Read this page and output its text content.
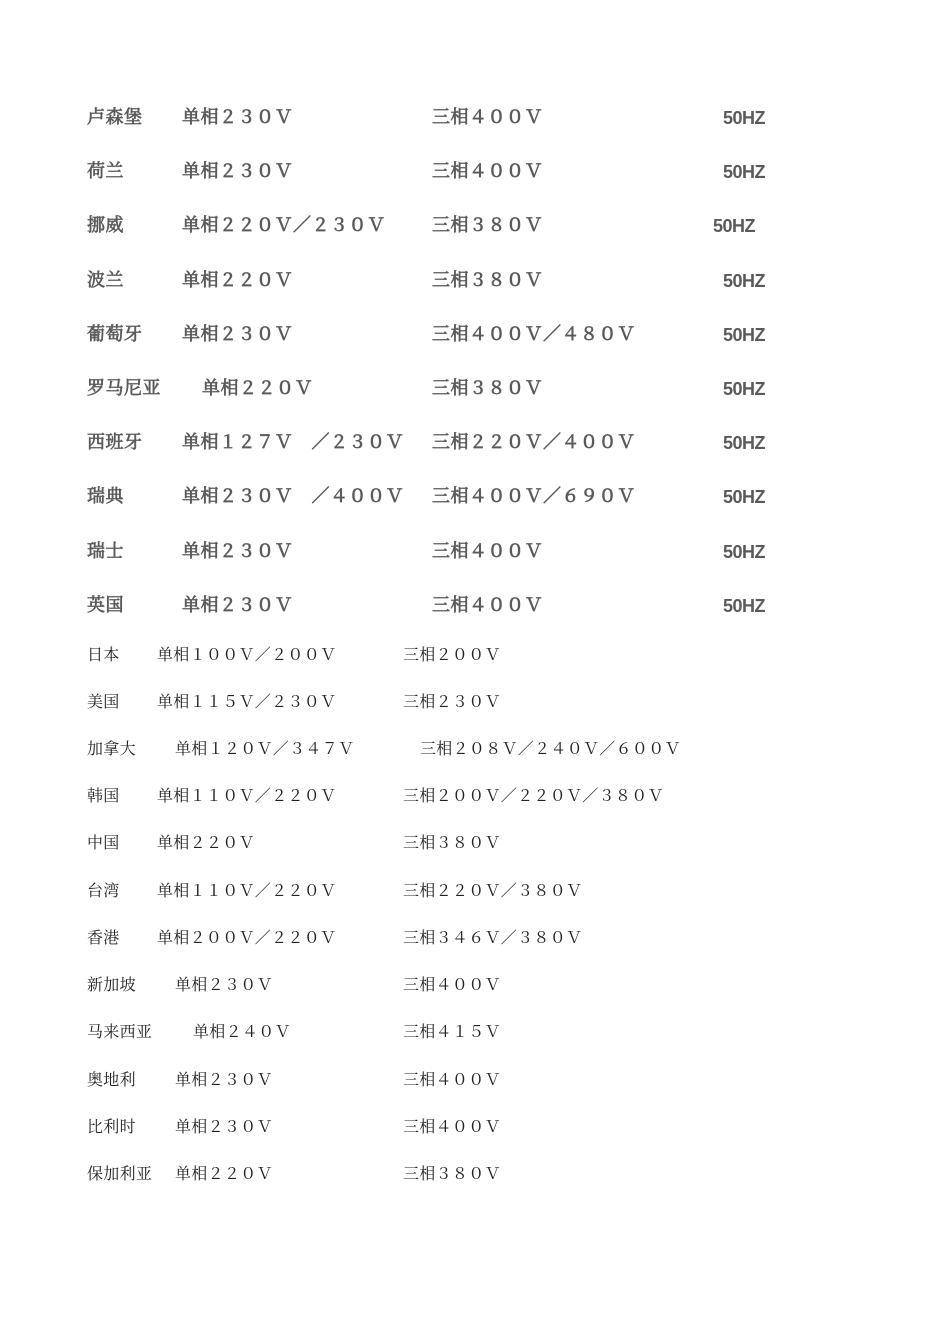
卢森堡 单相２３０Ｖ	三相４００Ｖ	50HZ
荷兰	单相２３０Ｖ	三相４００Ｖ	50HZ
挪威	单相２２０Ｖ／２３０Ｖ	三相３８０Ｖ	50HZ
波兰	单相２２０Ｖ	三相３８０Ｖ	50HZ
葡萄牙 单相２３０Ｖ	三相４００Ｖ／４８０Ｖ	50HZ
罗马尼亚 单相２２０Ｖ	三相３８０Ｖ	50HZ
西班牙 单相１２７Ｖ　／２３０Ｖ 三相２２０Ｖ／４００Ｖ	50HZ
瑞典	单相２３０Ｖ　／４００Ｖ 三相４００Ｖ／６９０Ｖ	50HZ
瑞士	单相２３０Ｖ	三相４００Ｖ	50HZ
英国	单相２３０Ｖ	三相４００Ｖ	50HZ
日本 单相１００Ｖ／２００Ｖ	三相２００Ｖ
美国 单相１１５Ｖ／２３０Ｖ	三相２３０Ｖ
加拿大 单相１２０Ｖ／３４７Ｖ	三相２０８Ｖ／２４０Ｖ／６００Ｖ
韩国 单相１１０Ｖ／２２０Ｖ	三相２００Ｖ／２２０Ｖ／３８０Ｖ
中国 单相２２０Ｖ	三相３８０Ｖ
台湾 单相１１０Ｖ／２２０Ｖ	三相２２０Ｖ／３８０Ｖ
香港 单相２００Ｖ／２２０Ｖ	三相３４６Ｖ／３８０Ｖ
新加坡 单相２３０Ｖ	三相４００Ｖ
马来西亚	单相２４０Ｖ	三相４１５Ｖ
奥地利 单相２３０Ｖ	三相４００Ｖ
比利时 单相２３０Ｖ	三相４００Ｖ
保加利亚 单相２２０Ｖ	三相３８０Ｖ
